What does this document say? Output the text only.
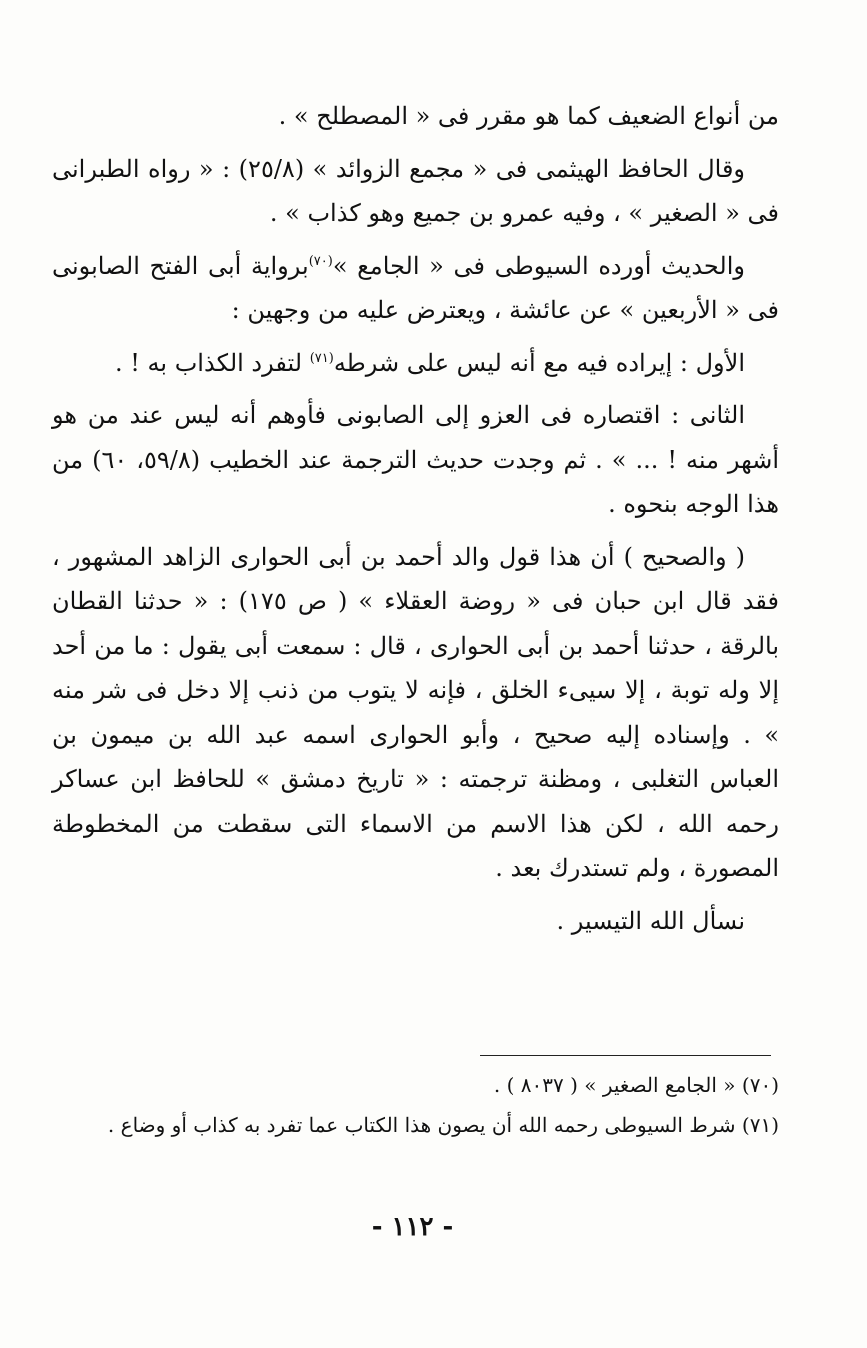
من أنواع الضعيف كما هو مقرر فى « المصطلح » .

وقال الحافظ الهيثمى فى « مجمع الزوائد » (٢٥/٨) : « رواه الطبرانى فى « الصغير » ، وفيه عمرو بن جميع وهو كذاب » .

والحديث أورده السيوطى فى « الجامع »$^{(٧٠)}$برواية أبى الفتح الصابونى فى « الأربعين » عن عائشة ، ويعترض عليه من وجهين :

الأول : إيراده فيه مع أنه ليس على شرطه$^{(٧١)}$ لتفرد الكذاب به ! .

الثانى : اقتصاره فى العزو إلى الصابونى فأوهم أنه ليس عند من هو أشهر منه ! ... » . ثم وجدت حديث الترجمة عند الخطيب (٥٩/٨، ٦٠) من هذا الوجه بنحوه .

( والصحيح ) أن هذا قول والد أحمد بن أبى الحوارى الزاهد المشهور ، فقد قال ابن حبان فى « روضة العقلاء » ( ص ١٧٥) : « حدثنا القطان بالرقة ، حدثنا أحمد بن أبى الحوارى ، قال : سمعت أبى يقول : ما من أحد إلا وله توبة ، إلا سيىء الخلق ، فإنه لا يتوب من ذنب إلا دخل فى شر منه » . وإسناده إليه صحيح ، وأبو الحوارى اسمه عبد الله بن ميمون بن العباس التغلبى ، ومظنة ترجمته : « تاريخ دمشق » للحافظ ابن عساكر رحمه الله ، لكن هذا الاسم من الاسماء التى سقطت من المخطوطة المصورة ، ولم تستدرك بعد .

نسأل الله التيسير .

(٧٠) « الجامع الصغير » ( ٨٠٣٧ ) .

(٧١) شرط السيوطى رحمه الله أن يصون هذا الكتاب عما تفرد به كذاب أو وضاع .

- ١١٢ -
